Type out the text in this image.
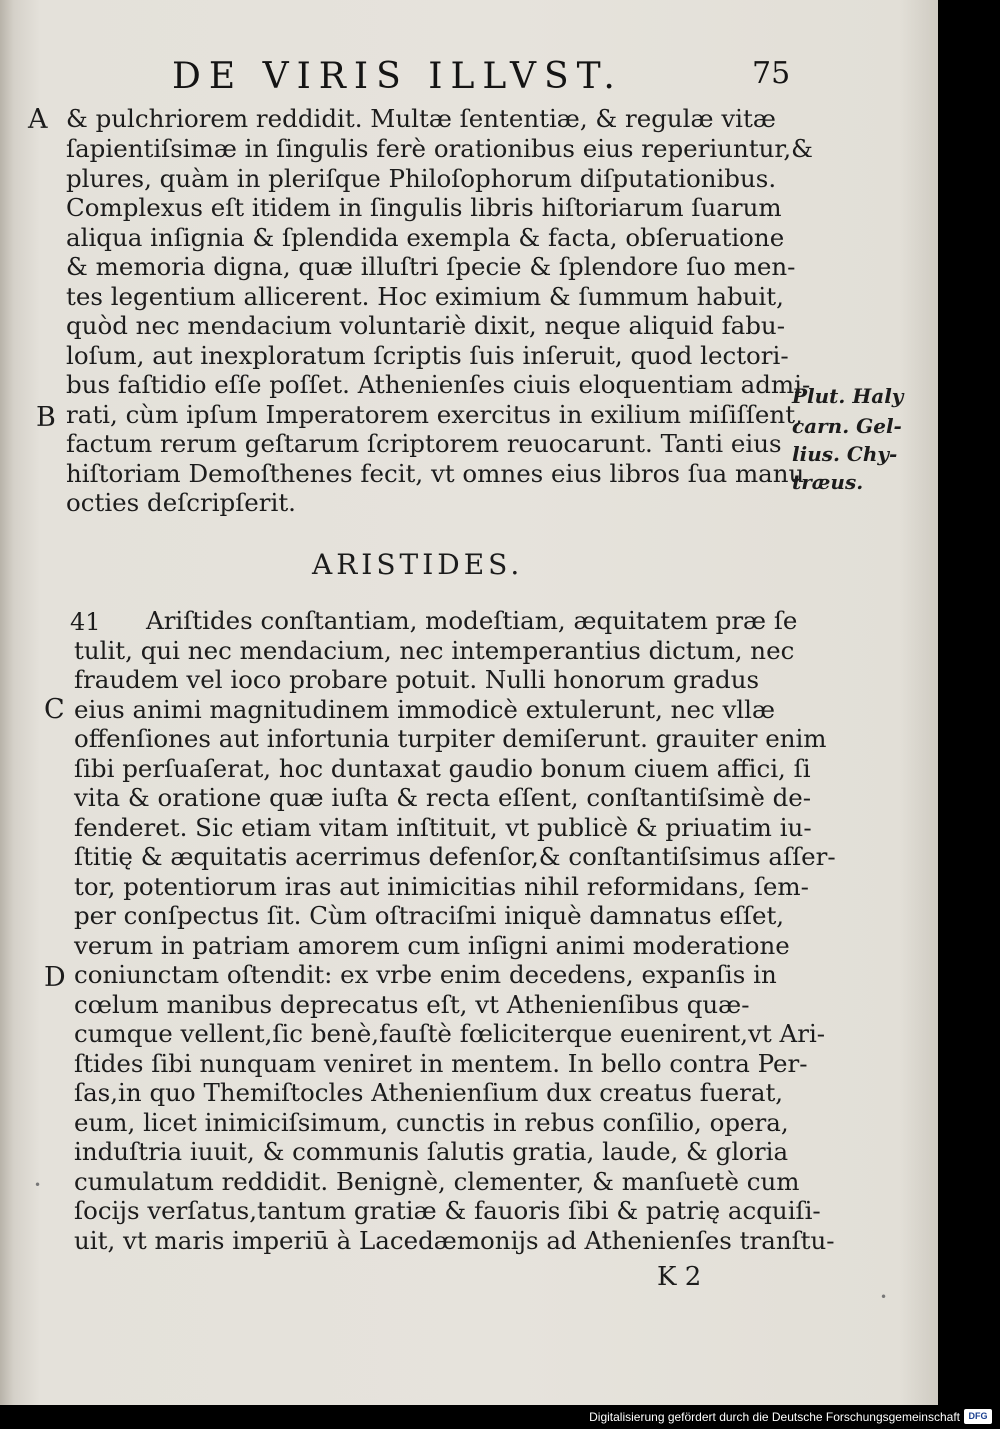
DE VIRIS ILLVST.	75
A
B
C
D
& pulchriorem reddidit. Multæ ſententiæ, & regulæ vitæ
ſapientiſsimæ in ſingulis ferè orationibus eius reperiuntur,&
plures, quàm in pleriſque Philoſophorum diſputationibus.
Complexus eſt itidem in ſingulis libris hiſtoriarum ſuarum
aliqua inſignia & ſplendida exempla & facta, obſeruatione
& memoria digna, quæ illuſtri ſpecie & ſplendore ſuo men-
tes legentium allicerent. Hoc eximium & ſummum habuit,
quòd nec mendacium voluntariè dixit, neque aliquid fabu-
loſum, aut inexploratum ſcriptis ſuis inſeruit, quod lectori-
bus faſtidio eſſe poſſet. Athenienſes ciuis eloquentiam admi-
rati, cùm ipſum Imperatorem exercitus in exilium miſiſſent,
factum rerum geſtarum ſcriptorem reuocarunt. Tanti eius
hiſtoriam Demoſthenes fecit, vt omnes eius libros ſua manu
octies deſcripſerit.
Plut. Haly
carn. Gel-
lius. Chy-
træus.
ARISTIDES.
41	Ariſtides conſtantiam, modeſtiam, æquitatem præ ſe
tulit, qui nec mendacium, nec intemperantius dictum, nec
fraudem vel ioco probare potuit. Nulli honorum gradus
eius animi magnitudinem immodicè extulerunt, nec vllæ
offenſiones aut infortunia turpiter demiſerunt. grauiter enim
ſibi perſuaſerat, hoc duntaxat gaudio bonum ciuem affici, ſi
vita & oratione quæ iuſta & recta eſſent, conſtantiſsimè de-
fenderet. Sic etiam vitam inſtituit, vt publicè & priuatim iu-
ſtitię & æquitatis acerrimus defenſor,& conſtantiſsimus aſſer-
tor, potentiorum iras aut inimicitias nihil reformidans, ſem-
per conſpectus ſit. Cùm oſtraciſmi iniquè damnatus eſſet,
verum in patriam amorem cum inſigni animi moderatione
coniunctam oſtendit: ex vrbe enim decedens, expanſis in
cœlum manibus deprecatus eſt, vt Athenienſibus quæ-
cumque vellent,ſic benè,fauſtè fœliciterque euenirent,vt Ari-
ſtides ſibi nunquam veniret in mentem. In bello contra Per-
ſas,in quo Themiſtocles Athenienſium dux creatus fuerat,
eum, licet inimiciſsimum, cunctis in rebus conſilio, opera,
induſtria iuuit, & communis ſalutis gratia, laude, & gloria
cumulatum reddidit. Benignè, clementer, & manſuetè cum
ſocijs verſatus,tantum gratiæ & fauoris ſibi & patrię acquiſi-
uit, vt maris imperiū à Lacedæmonijs ad Athenienſes tranſtu-
K 2
•
•
Digitalisierung gefördert durch die Deutsche Forschungsgemeinschaft DFG
